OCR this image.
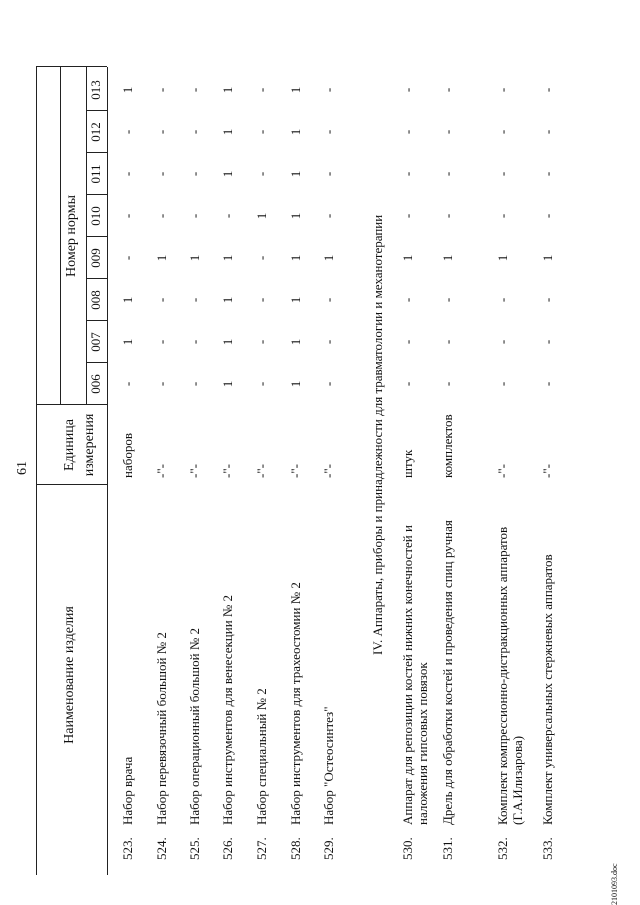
61
Наименование изделия
Единица измерения
Номер нормы
006
007
008
009
010
011
012
013
523.
Набор врача
наборов
-
1
1
-
-
-
-
1
524.
Набор перевязочный большой № 2
-"-
-
-
-
1
-
-
-
-
525.
Набор операционный большой № 2
-"-
-
-
-
1
-
-
-
-
526.
Набор инструментов для венесекции № 2
-"-
1
1
1
1
-
1
1
1
527.
Набор специальный № 2
-"-
-
-
-
-
1
-
-
-
528.
Набор инструментов для трахеостомии № 2
-"-
1
1
1
1
1
1
1
1
529.
Набор "Остеосинтез"
-"-
-
-
-
1
-
-
-
-
IV. Аппараты, приборы и принадлежности для травматологии и механотерапии
530.
Аппарат для репозиции костей нижних конечностей и наложения гипсовых повязок
штук
-
-
-
1
-
-
-
-
531.
Дрель для обработки костей и проведения спиц ручная
комплектов
-
-
-
1
-
-
-
-
532.
Комплект компрессионно-дистракционных аппаратов (Г.А.Илизарова)
-"-
-
-
-
1
-
-
-
-
533.
Комплект универсальных стержневых аппаратов
-"-
-
-
-
1
-
-
-
-
2101093.doc
